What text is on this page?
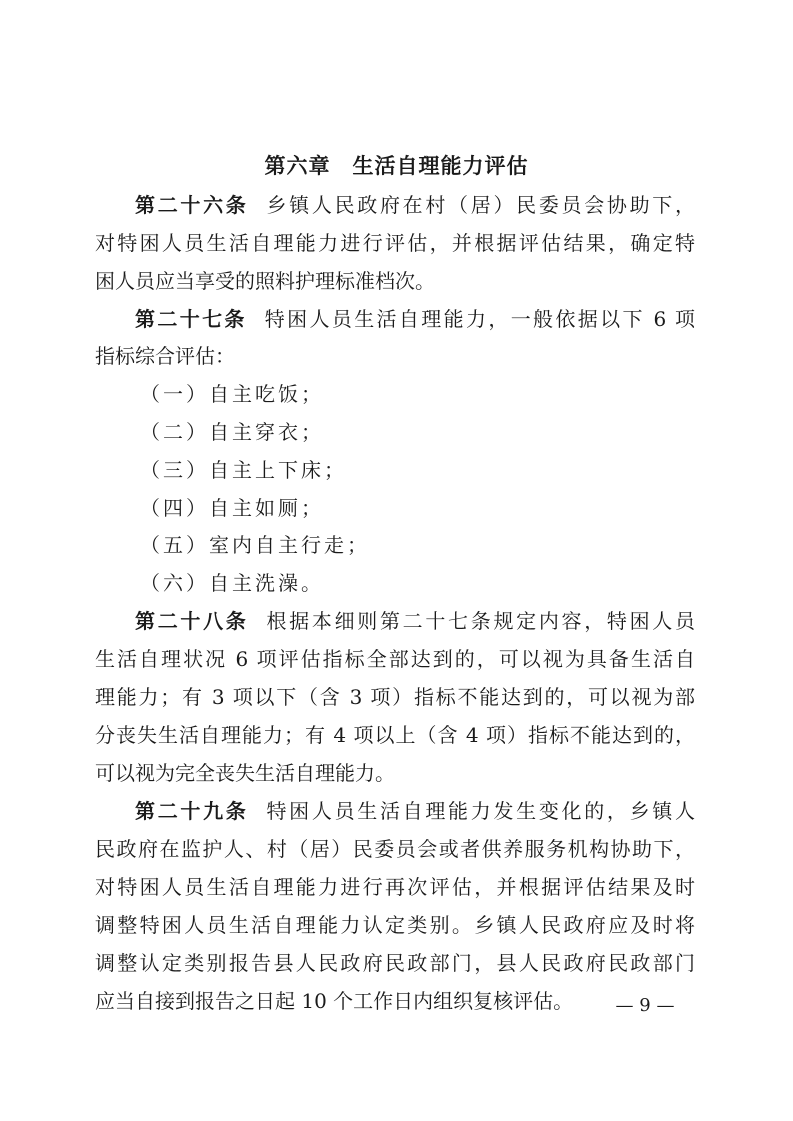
第六章　生活自理能力评估
第二十六条 乡镇人民政府在村（居）民委员会协助下，
对特困人员生活自理能力进行评估，并根据评估结果，确定特
困人员应当享受的照料护理标准档次。
第二十七条 特困人员生活自理能力，一般依据以下 6 项
指标综合评估：
（一）自主吃饭；
（二）自主穿衣；
（三）自主上下床；
（四）自主如厕；
（五）室内自主行走；
（六）自主洗澡。
第二十八条 根据本细则第二十七条规定内容，特困人员
生活自理状况 6 项评估指标全部达到的，可以视为具备生活自
理能力；有 3 项以下（含 3 项）指标不能达到的，可以视为部
分丧失生活自理能力；有 4 项以上（含 4 项）指标不能达到的，
可以视为完全丧失生活自理能力。
第二十九条 特困人员生活自理能力发生变化的，乡镇人
民政府在监护人、村（居）民委员会或者供养服务机构协助下，
对特困人员生活自理能力进行再次评估，并根据评估结果及时
调整特困人员生活自理能力认定类别。乡镇人民政府应及时将
调整认定类别报告县人民政府民政部门，县人民政府民政部门
应当自接到报告之日起 10 个工作日内组织复核评估。	— 9 —
